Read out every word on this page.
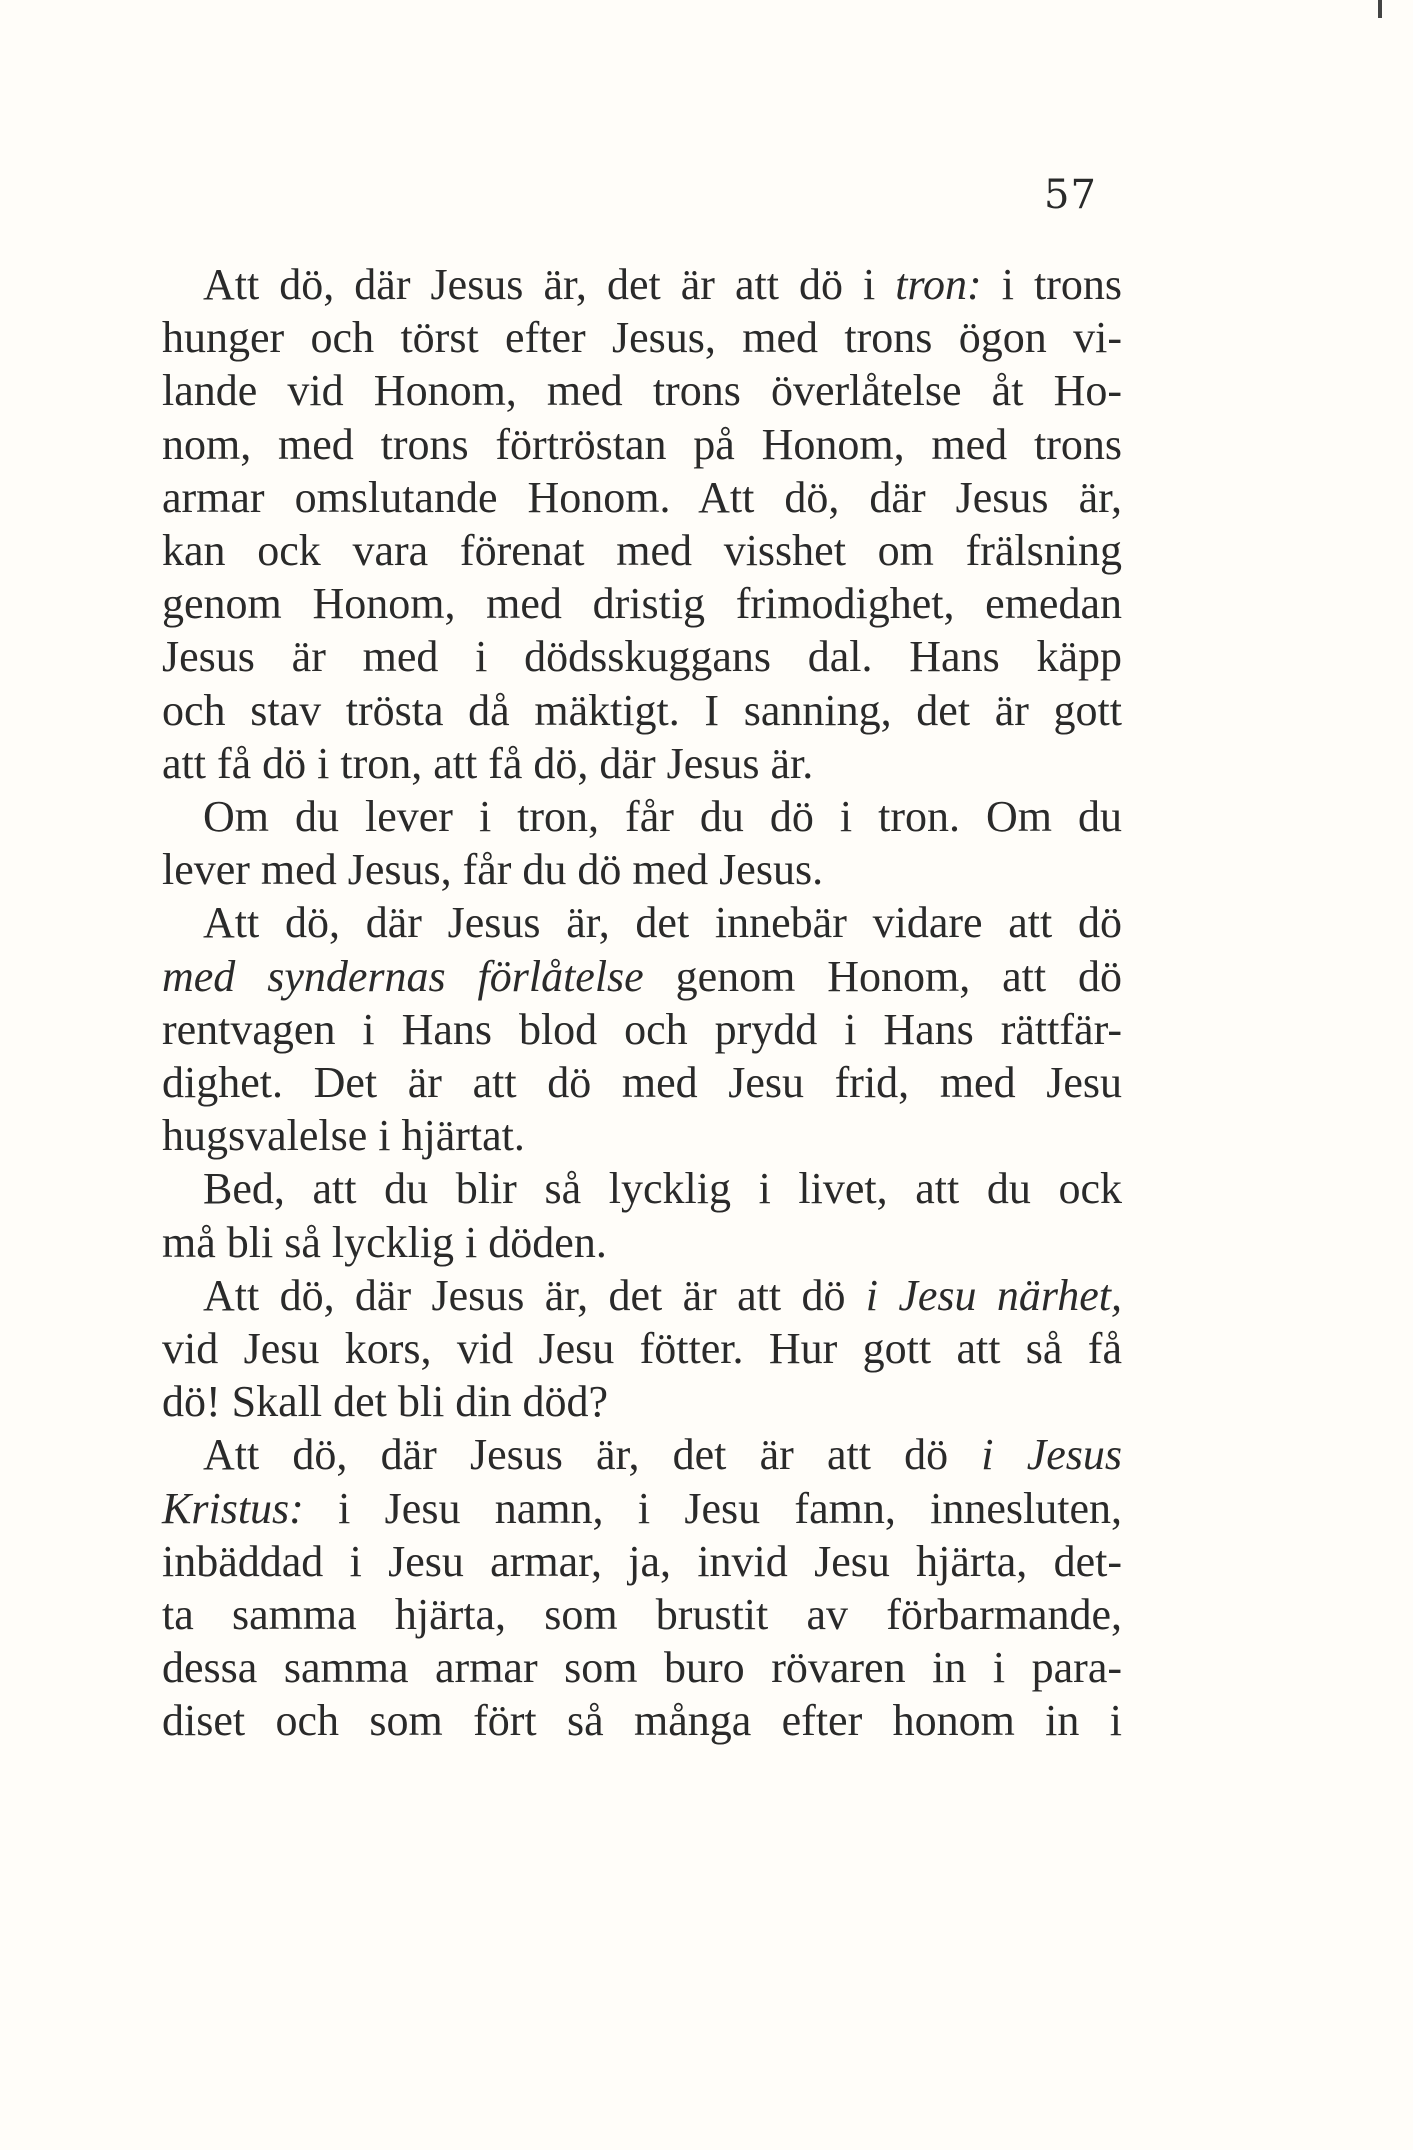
57
Att dö, där Jesus är, det är att dö i tron: i trons
hunger och törst efter Jesus, med trons ögon vi-
lande vid Honom, med trons överlåtelse åt Ho-
nom, med trons förtröstan på Honom, med trons
armar omslutande Honom. Att dö, där Jesus är,
kan ock vara förenat med visshet om frälsning
genom Honom, med dristig frimodighet, emedan
Jesus är med i dödsskuggans dal. Hans käpp
och stav trösta då mäktigt. I sanning, det är gott
att få dö i tron, att få dö, där Jesus är.
Om du lever i tron, får du dö i tron. Om du
lever med Jesus, får du dö med Jesus.
Att dö, där Jesus är, det innebär vidare att dö
med syndernas förlåtelse genom Honom, att dö
rentvagen i Hans blod och prydd i Hans rättfär-
dighet. Det är att dö med Jesu frid, med Jesu
hugsvalelse i hjärtat.
Bed, att du blir så lycklig i livet, att du ock
må bli så lycklig i döden.
Att dö, där Jesus är, det är att dö i Jesu närhet,
vid Jesu kors, vid Jesu fötter. Hur gott att så få
dö! Skall det bli din död?
Att dö, där Jesus är, det är att dö i Jesus
Kristus: i Jesu namn, i Jesu famn, innesluten,
inbäddad i Jesu armar, ja, invid Jesu hjärta, det-
ta samma hjärta, som brustit av förbarmande,
dessa samma armar som buro rövaren in i para-
diset och som fört så många efter honom in i
